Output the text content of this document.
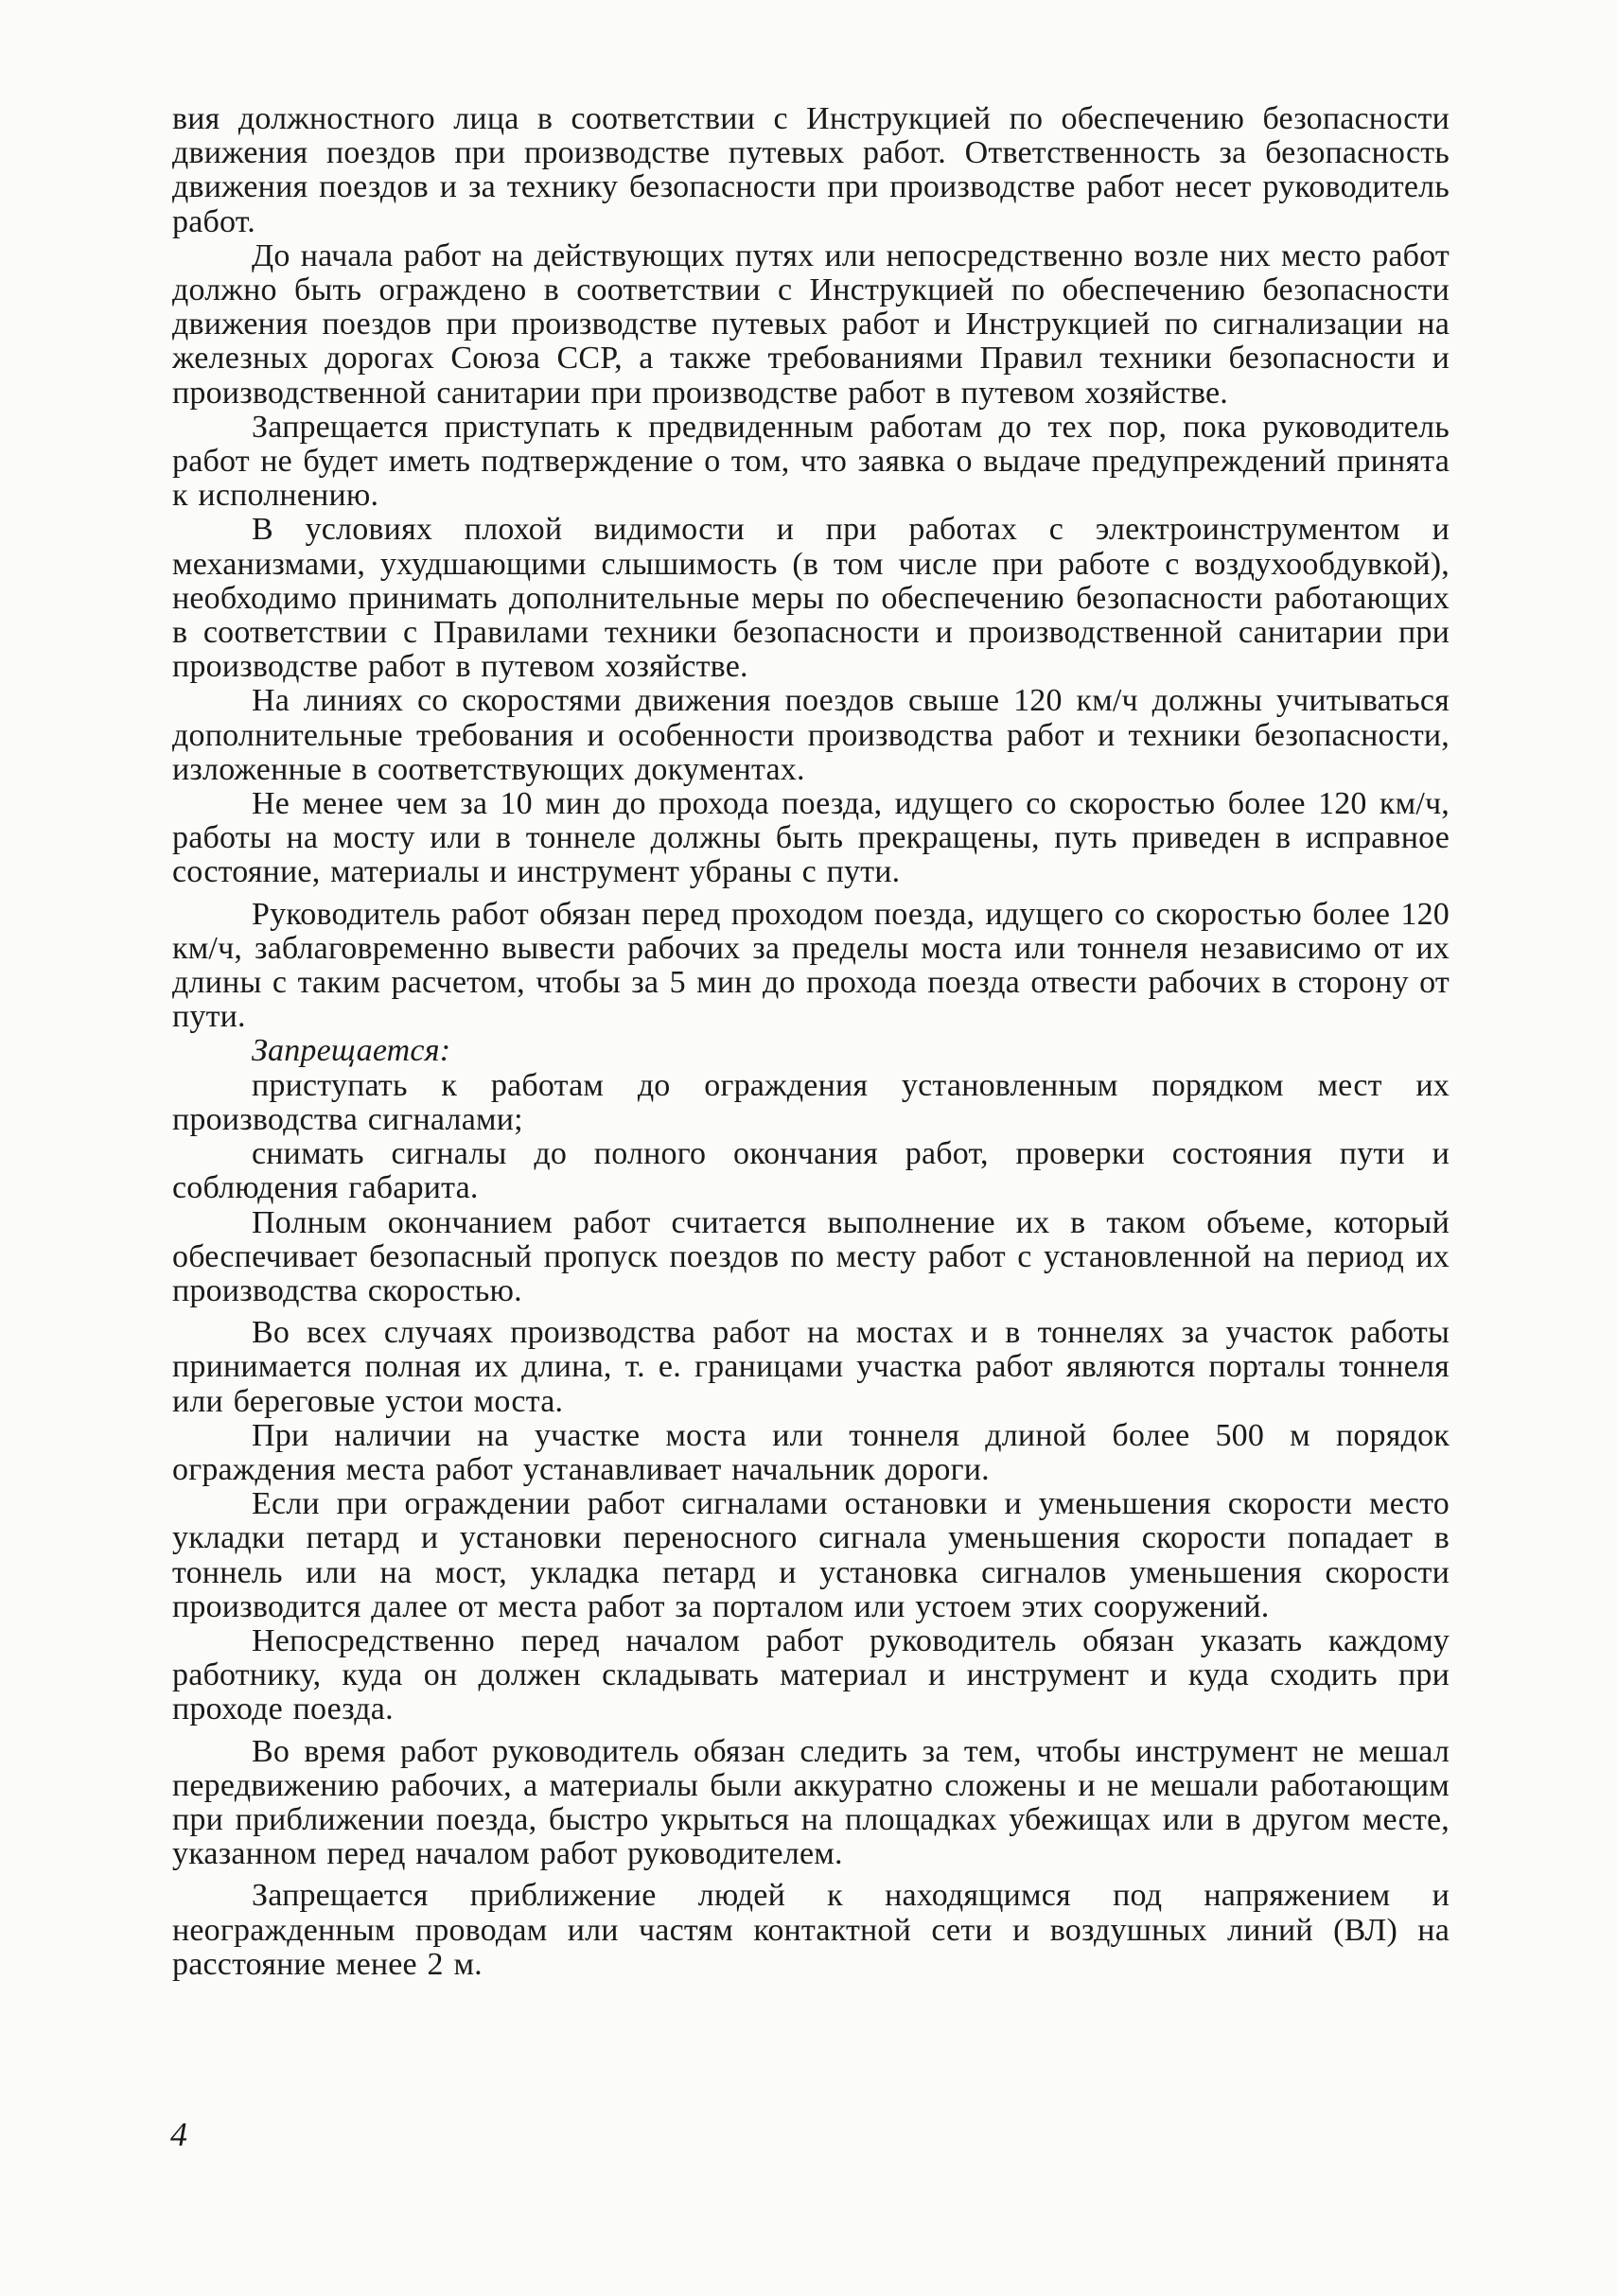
вия должностного лица в соответствии с Инструкцией по обеспечению безопасности движения поездов при производстве путевых работ. Ответственность за безопасность движения поездов и за технику безопасности при производстве работ несет руководитель работ.

До начала работ на действующих путях или непосредственно возле них место работ должно быть ограждено в соответствии с Инструкцией по обеспечению безопасности движения поездов при производстве путевых работ и Инструкцией по сигнализации на железных дорогах Союза ССР, а также требованиями Правил техники безопасности и производственной санитарии при производстве работ в путевом хозяйстве.

Запрещается приступать к предвиденным работам до тех пор, пока руководитель работ не будет иметь подтверждение о том, что заявка о выдаче предупреждений принята к исполнению.

В условиях плохой видимости и при работах с электроинструментом и механизмами, ухудшающими слышимость (в том числе при работе с воздухообдувкой), необходимо принимать дополнительные меры по обеспечению безопасности работающих в соответствии с Правилами техники безопасности и производственной санитарии при производстве работ в путевом хозяйстве.

На линиях со скоростями движения поездов свыше 120 км/ч должны учитываться дополнительные требования и особенности производства работ и техники безопасности, изложенные в соответствующих документах.

Не менее чем за 10 мин до прохода поезда, идущего со скоростью более 120 км/ч, работы на мосту или в тоннеле должны быть прекращены, путь приведен в исправное состояние, материалы и инструмент убраны с пути.

Руководитель работ обязан перед проходом поезда, идущего со скоростью более 120 км/ч, заблаговременно вывести рабочих за пределы моста или тоннеля независимо от их длины с таким расчетом, чтобы за 5 мин до прохода поезда отвести рабочих в сторону от пути.

Запрещается:

приступать к работам до ограждения установленным порядком мест их производства сигналами;

снимать сигналы до полного окончания работ, проверки состояния пути и соблюдения габарита.

Полным окончанием работ считается выполнение их в таком объеме, который обеспечивает безопасный пропуск поездов по месту работ с установленной на период их производства скоростью.

Во всех случаях производства работ на мостах и в тоннелях за участок работы принимается полная их длина, т. е. границами участка работ являются порталы тоннеля или береговые устои моста.

При наличии на участке моста или тоннеля длиной более 500 м порядок ограждения места работ устанавливает начальник дороги.

Если при ограждении работ сигналами остановки и уменьшения скорости место укладки петард и установки переносного сигнала уменьшения скорости попадает в тоннель или на мост, укладка петард и установка сигналов уменьшения скорости производится далее от места работ за порталом или устоем этих сооружений.

Непосредственно перед началом работ руководитель обязан указать каждому работнику, куда он должен складывать материал и инструмент и куда сходить при проходе поезда.

Во время работ руководитель обязан следить за тем, чтобы инструмент не мешал передвижению рабочих, а материалы были аккуратно сложены и не мешали работающим при приближении поезда, быстро укрыться на площадках убежищах или в другом месте, указанном перед началом работ руководителем.

Запрещается приближение людей к находящимся под напряжением и неогражденным проводам или частям контактной сети и воздушных линий (ВЛ) на расстояние менее 2 м.

4
